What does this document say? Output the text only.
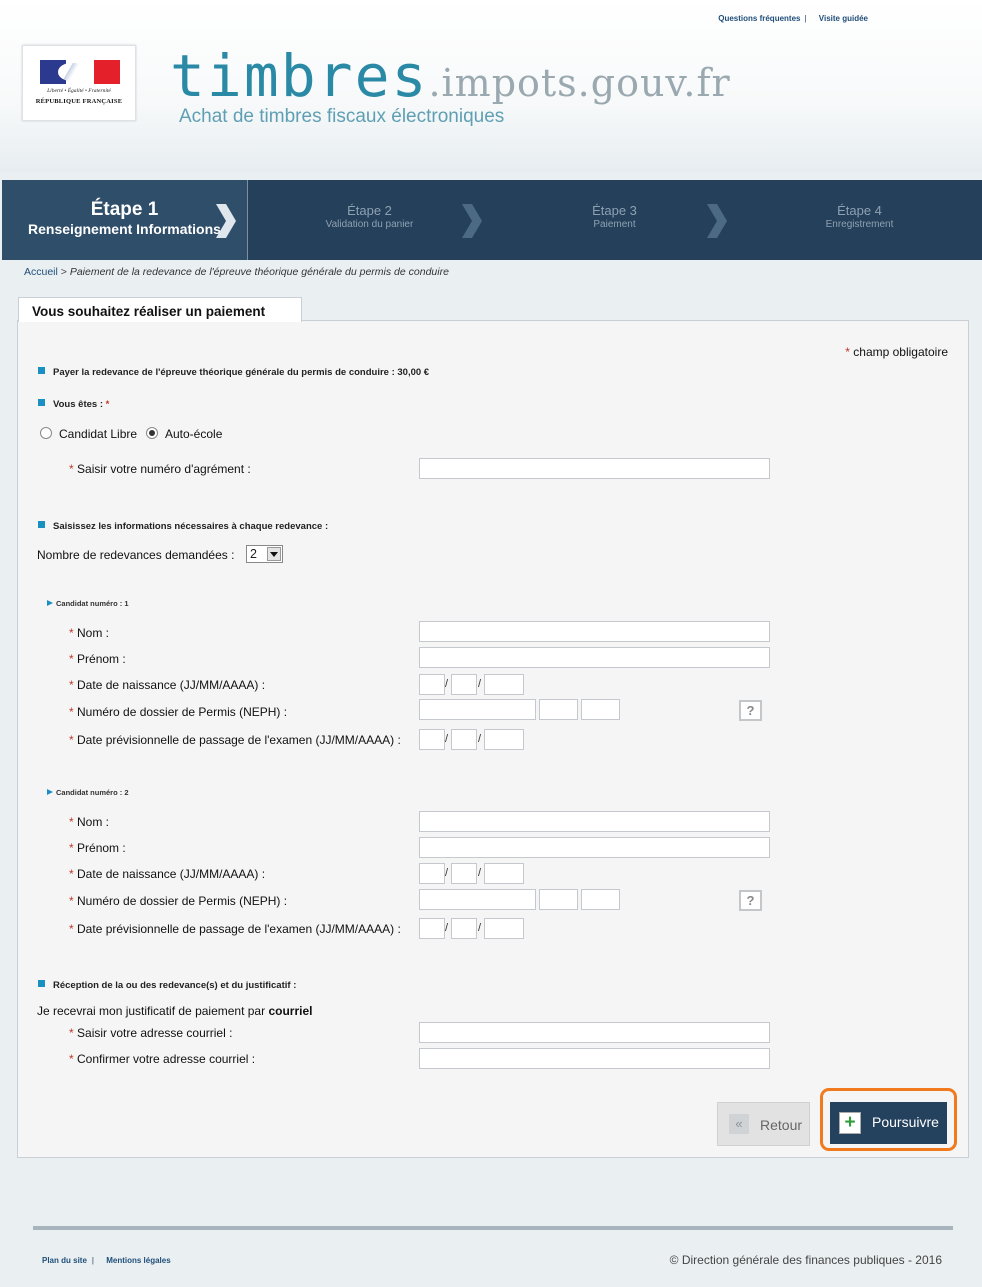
Questions fréquentes | Visite guidée
Liberté • Égalité • Fraternité
RÉPUBLIQUE FRANÇAISE timbres.impots.gouv.fr
Achat de timbres fiscaux électroniques
Étape 1
Renseignement Informations
Étape 2
Validation du panier
Étape 3
Paiement
Étape 4
Enregistrement
Accueil > Paiement de la redevance de l'épreuve théorique générale du permis de conduire
Vous souhaitez réaliser un paiement
* champ obligatoire
Payer la redevance de l'épreuve théorique générale du permis de conduire : 30,00 €
Vous êtes : *
Candidat Libre Auto-école
* Saisir votre numéro d'agrément :
Saisissez les informations nécessaires à chaque redevance :
Nombre de redevances demandées : 2
Candidat numéro : 1
* Nom :
* Prénom :
* Date de naissance (JJ/MM/AAAA) :	/	/
* Numéro de dossier de Permis (NEPH) :	?
* Date prévisionnelle de passage de l'examen (JJ/MM/AAAA) :	/	/
Candidat numéro : 2
* Nom :
* Prénom :
* Date de naissance (JJ/MM/AAAA) :	/	/
* Numéro de dossier de Permis (NEPH) :	?
* Date prévisionnelle de passage de l'examen (JJ/MM/AAAA) :	/	/
Réception de la ou des redevance(s) et du justificatif :
Je recevrai mon justificatif de paiement par courriel
* Saisir votre adresse courriel :
* Confirmer votre adresse courriel :
«	Retour +	Poursuivre
Plan du site | Mentions légales	© Direction générale des finances publiques - 2016
